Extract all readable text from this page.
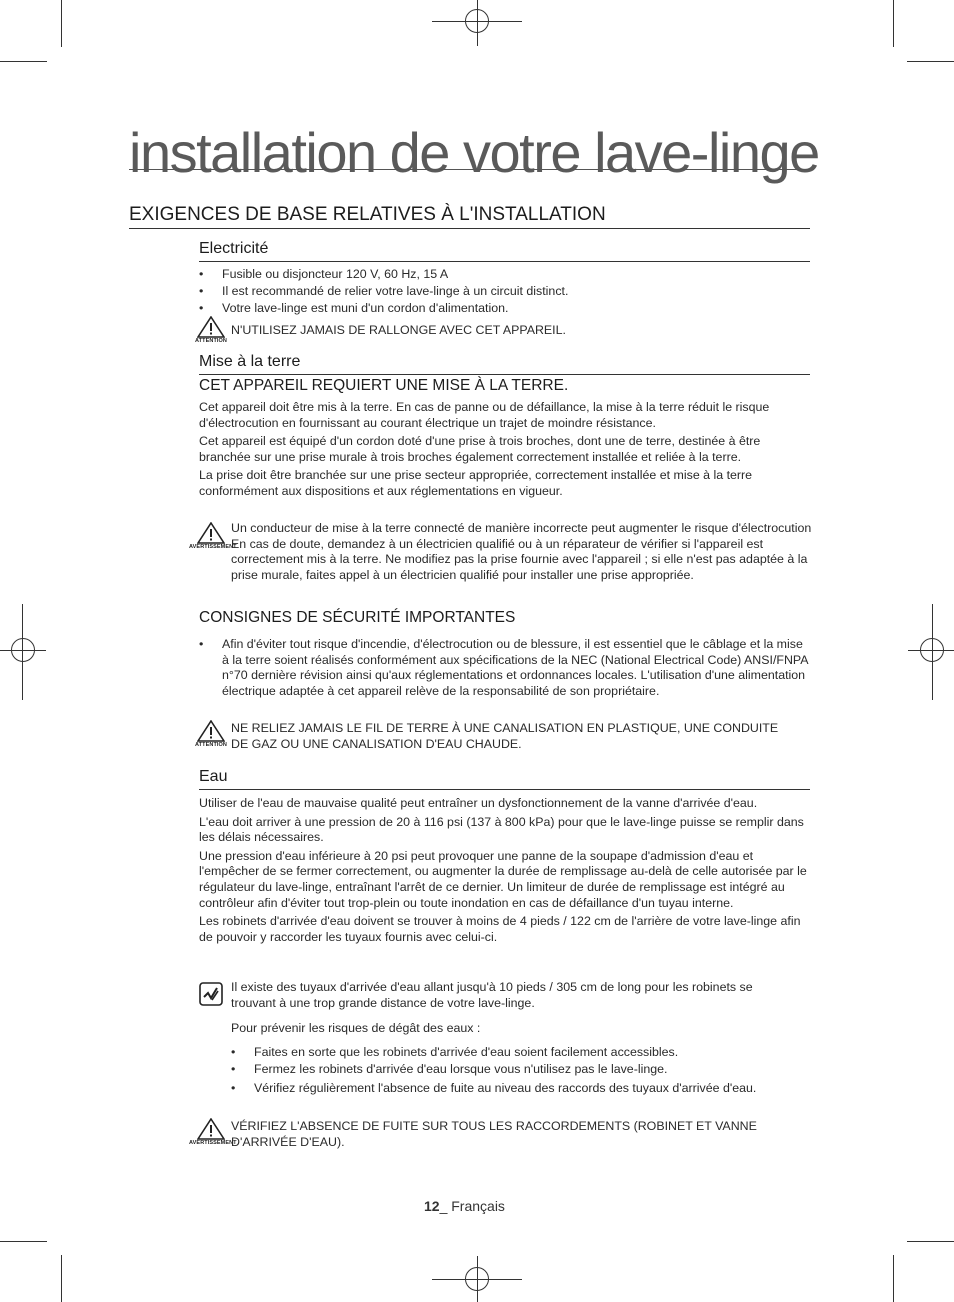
installation de votre lave-linge
EXIGENCES DE BASE RELATIVES À L'INSTALLATION
Electricité
• Fusible ou disjoncteur 120 V, 60 Hz, 15 A
• Il est recommandé de relier votre lave-linge à un circuit distinct.
• Votre lave-linge est muni d'un cordon d'alimentation.
ATTENTION
N'UTILISEZ JAMAIS DE RALLONGE AVEC CET APPAREIL.
Mise à la terre
CET APPAREIL REQUIERT UNE MISE À LA TERRE.

Cet appareil doit être mis à la terre. En cas de panne ou de défaillance, la mise à la terre réduit le risque d'électrocution en fournissant au courant électrique un trajet de moindre résistance.

Cet appareil est équipé d'un cordon doté d'une prise à trois broches, dont une de terre, destinée à être branchée sur une prise murale à trois broches également correctement installée et reliée à la terre.

La prise doit être branchée sur une prise secteur appropriée, correctement installée et mise à la terre conformément aux dispositions et aux réglementations en vigueur.

AVERTISSEMENT
Un conducteur de mise à la terre connecté de manière incorrecte peut augmenter le risque d'électrocution En cas de doute, demandez à un électricien qualifié ou à un réparateur de vérifier si l'appareil est correctement mis à la terre. Ne modifiez pas la prise fournie avec l'appareil ; si elle n'est pas adaptée à la prise murale, faites appel à un électricien qualifié pour installer une prise appropriée.
CONSIGNES DE SÉCURITÉ IMPORTANTES
• Afin d'éviter tout risque d'incendie, d'électrocution ou de blessure, il est essentiel que le câblage et la mise à la terre soient réalisés conformément aux spécifications de la NEC (National Electrical Code) ANSI/FNPA n°70 dernière révision ainsi qu'aux réglementations et ordonnances locales. L'utilisation d'une alimentation électrique adaptée à cet appareil relève de la responsabilité de son propriétaire.
ATTENTION
NE RELIEZ JAMAIS LE FIL DE TERRE À UNE CANALISATION EN PLASTIQUE, UNE CONDUITE DE GAZ OU UNE CANALISATION D'EAU CHAUDE.
Eau

Utiliser de l'eau de mauvaise qualité peut entraîner un dysfonctionnement de la vanne d'arrivée d'eau.

L'eau doit arriver à une pression de 20 à 116 psi (137 à 800 kPa) pour que le lave-linge puisse se remplir dans les délais nécessaires.

Une pression d'eau inférieure à 20 psi peut provoquer une panne de la soupape d'admission d'eau et l'empêcher de se fermer correctement, ou augmenter la durée de remplissage au-delà de celle autorisée par le régulateur du lave-linge, entraînant l'arrêt de ce dernier. Un limiteur de durée de remplissage est intégré au contrôleur afin d'éviter tout trop-plein ou toute inondation en cas de défaillance d'un tuyau interne.

Les robinets d'arrivée d'eau doivent se trouver à moins de 4 pieds / 122 cm de l'arrière de votre lave-linge afin de pouvoir y raccorder les tuyaux fournis avec celui-ci.

Il existe des tuyaux d'arrivée d'eau allant jusqu'à 10 pieds / 305 cm de long pour les robinets se trouvant à une trop grande distance de votre lave-linge.
Pour prévenir les risques de dégât des eaux :
• Faites en sorte que les robinets d'arrivée d'eau soient facilement accessibles.
• Fermez les robinets d'arrivée d'eau lorsque vous n'utilisez pas le lave-linge.
• Vérifiez régulièrement l'absence de fuite au niveau des raccords des tuyaux d'arrivée d'eau.
AVERTISSEMENT
VÉRIFIEZ L'ABSENCE DE FUITE SUR TOUS LES RACCORDEMENTS (ROBINET ET VANNE D'ARRIVÉE D'EAU).
12_ Français
